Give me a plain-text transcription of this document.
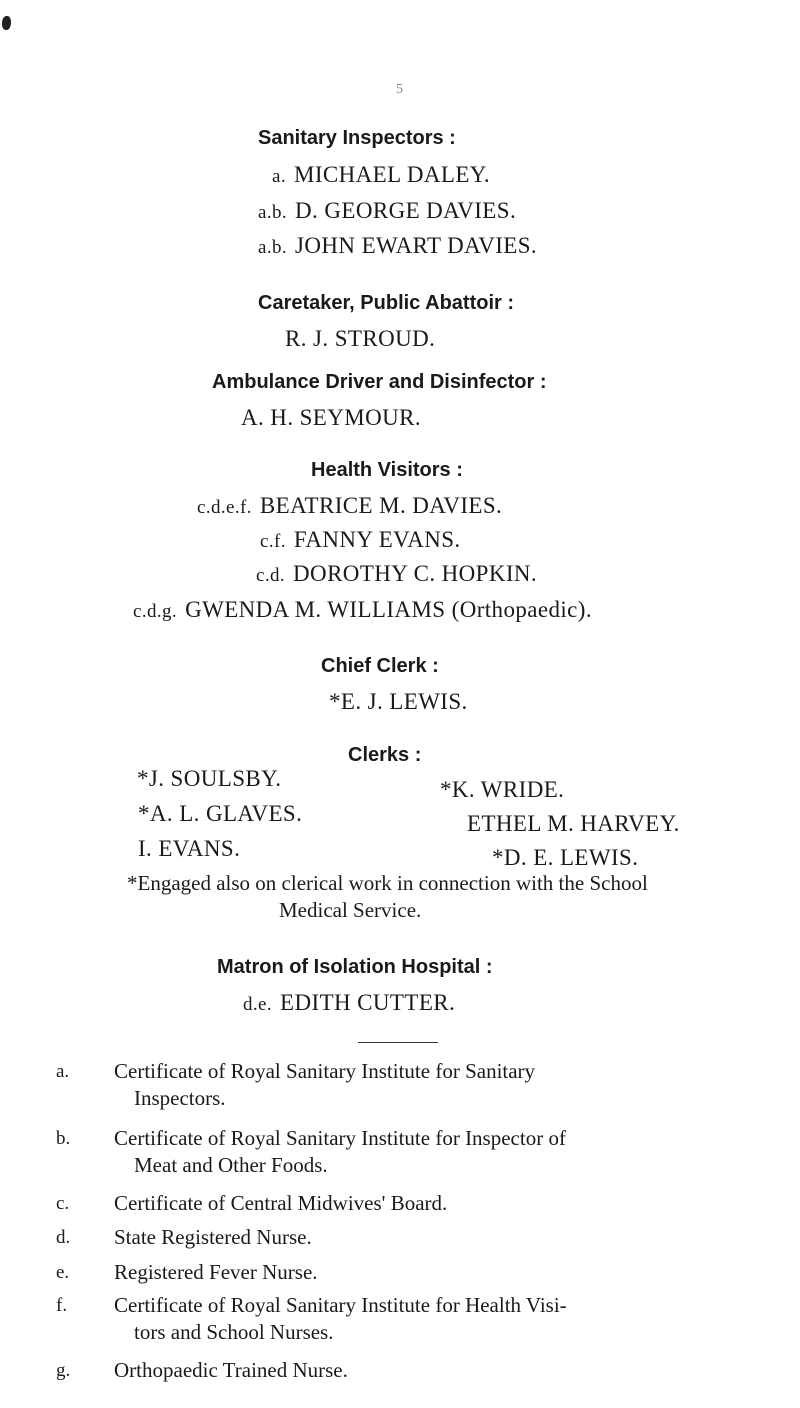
5
Sanitary Inspectors :
a. MICHAEL DALEY.
a.b. D. GEORGE DAVIES.
a.b. JOHN EWART DAVIES.
Caretaker, Public Abattoir :
R. J. STROUD.
Ambulance Driver and Disinfector :
A. H. SEYMOUR.
Health Visitors :
c.d.e.f. BEATRICE M. DAVIES.
c.f. FANNY EVANS.
c.d. DOROTHY C. HOPKIN.
c.d.g. GWENDA M. WILLIAMS (Orthopaedic).
Chief Clerk :
*E. J. LEWIS.
Clerks :
*J. SOULSBY.
*A. L. GLAVES.
I. EVANS.
*K. WRIDE.
ETHEL M. HARVEY.
*D. E. LEWIS.
*Engaged also on clerical work in connection with the School
Medical Service.
Matron of Isolation Hospital :
d.e. EDITH CUTTER.
a.	Certificate of Royal Sanitary Institute for Sanitary
Inspectors.
b.	Certificate of Royal Sanitary Institute for Inspector of
Meat and Other Foods.
c.	Certificate of Central Midwives' Board.
d.	State Registered Nurse.
e.	Registered Fever Nurse.
f.	Certificate of Royal Sanitary Institute for Health Visi-
tors and School Nurses.
g.	Orthopaedic Trained Nurse.
